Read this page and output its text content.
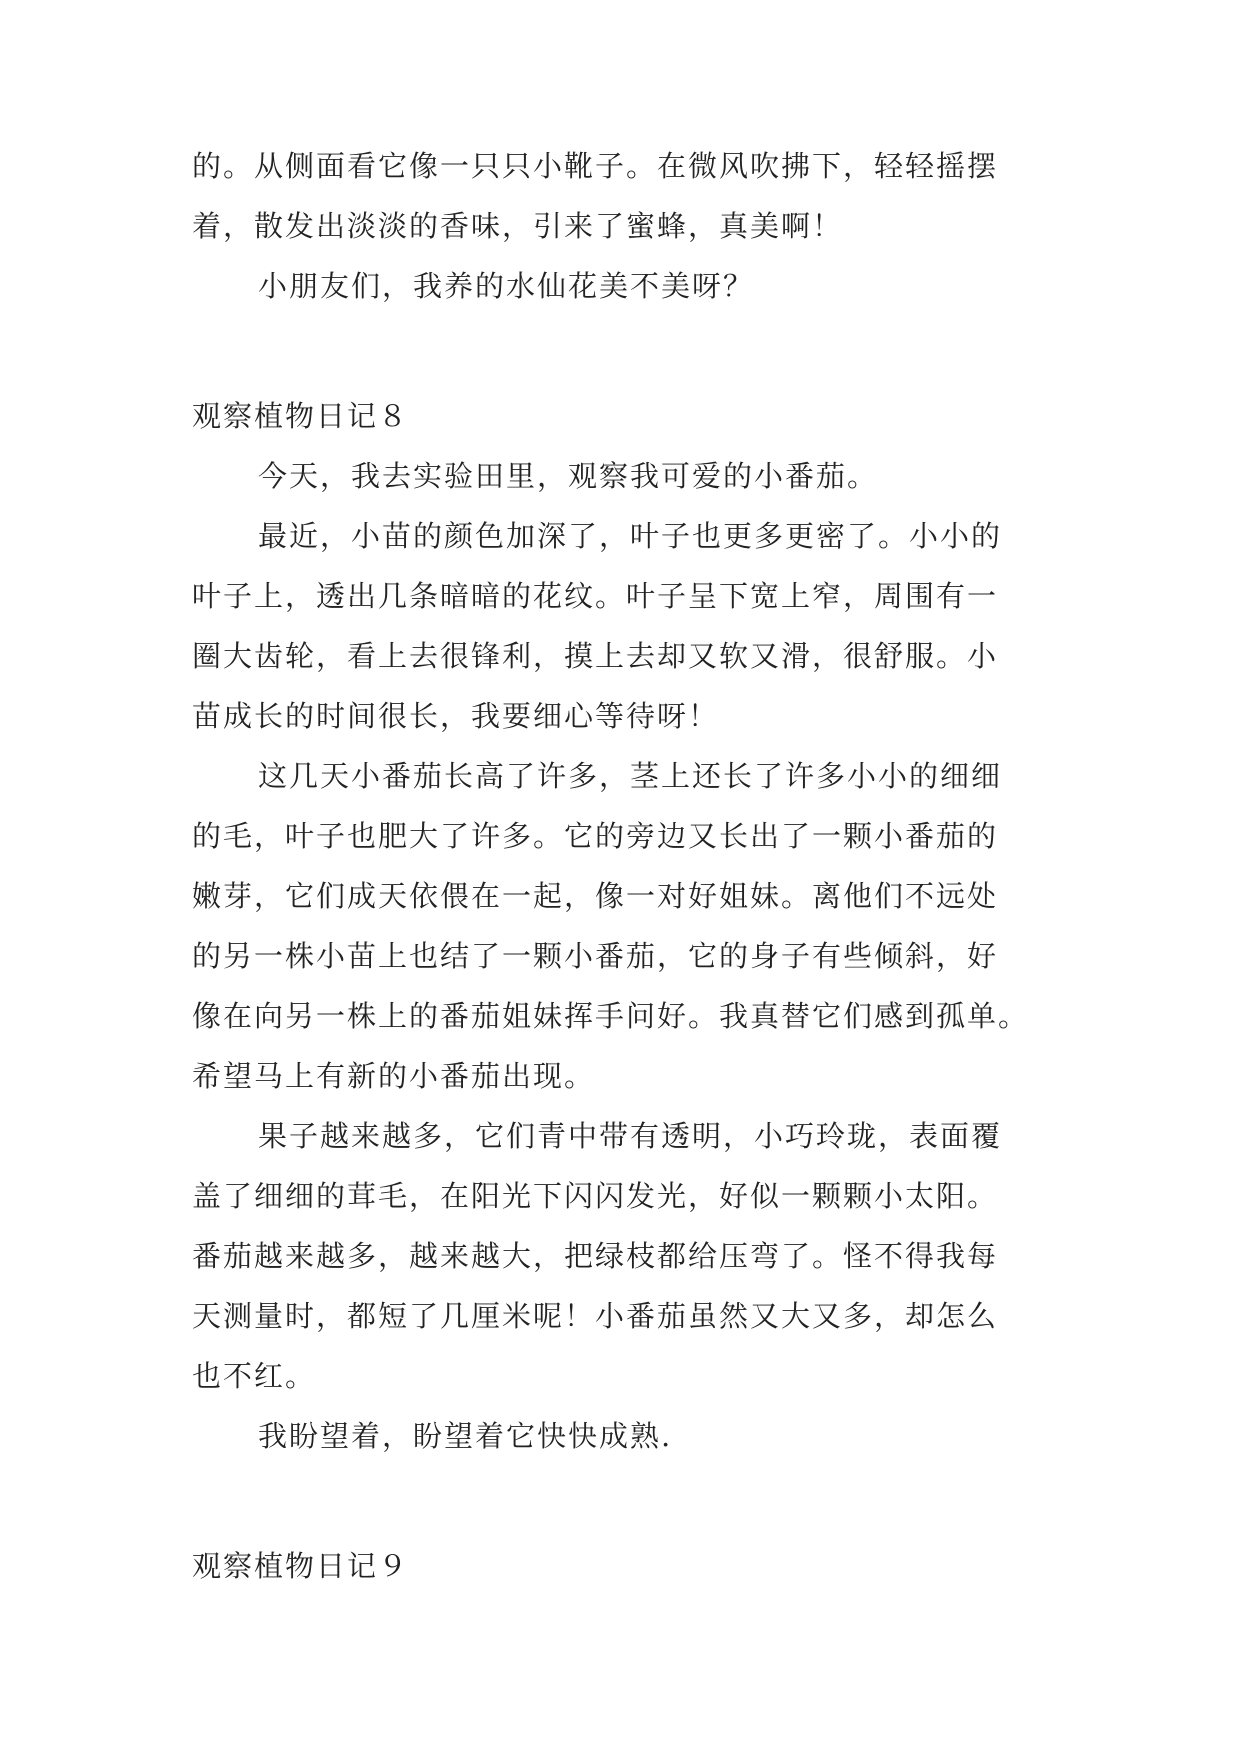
的。从侧面看它像一只只小靴子。在微风吹拂下，轻轻摇摆
着，散发出淡淡的香味，引来了蜜蜂，真美啊！
小朋友们，我养的水仙花美不美呀？
观察植物日记８
今天，我去实验田里，观察我可爱的小番茄。
最近，小苗的颜色加深了，叶子也更多更密了。小小的
叶子上，透出几条暗暗的花纹。叶子呈下宽上窄，周围有一
圈大齿轮，看上去很锋利，摸上去却又软又滑，很舒服。小
苗成长的时间很长，我要细心等待呀！
这几天小番茄长高了许多，茎上还长了许多小小的细细
的毛，叶子也肥大了许多。它的旁边又长出了一颗小番茄的
嫩芽，它们成天依偎在一起，像一对好姐妹。离他们不远处
的另一株小苗上也结了一颗小番茄，它的身子有些倾斜，好
像在向另一株上的番茄姐妹挥手问好。我真替它们感到孤单。
希望马上有新的小番茄出现。
果子越来越多，它们青中带有透明，小巧玲珑，表面覆
盖了细细的茸毛，在阳光下闪闪发光，好似一颗颗小太阳。
番茄越来越多，越来越大，把绿枝都给压弯了。怪不得我每
天测量时，都短了几厘米呢！小番茄虽然又大又多，却怎么
也不红。
我盼望着，盼望着它快快成熟.
观察植物日记９
